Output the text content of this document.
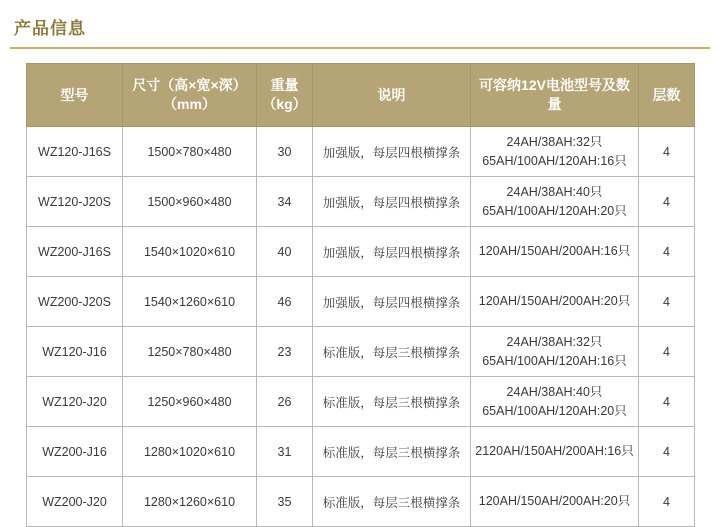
产品信息
型号	尺寸（高×宽×深）（mm）	重量（kg）	说明	可容纳12V电池型号及数量	层数
WZ120-J16S	1500×780×480	30	加强版，每层四根横撑条	24AH/38AH:32只
65AH/100AH/120AH:16只	4
WZ120-J20S	1500×960×480	34	加强版，每层四根横撑条	24AH/38AH:40只
65AH/100AH/120AH:20只	4
WZ200-J16S	1540×1020×610	40	加强版，每层四根横撑条	120AH/150AH/200AH:16只	4
WZ200-J20S	1540×1260×610	46	加强版，每层四根横撑条	120AH/150AH/200AH:20只	4
WZ120-J16	1250×780×480	23	标准版，每层三根横撑条	24AH/38AH:32只
65AH/100AH/120AH:16只	4
WZ120-J20	1250×960×480	26	标准版，每层三根横撑条	24AH/38AH:40只
65AH/100AH/120AH:20只	4
WZ200-J16	1280×1020×610	31	标准版，每层三根横撑条	2120AH/150AH/200AH:16只	4
WZ200-J20	1280×1260×610	35	标准版，每层三根横撑条	120AH/150AH/200AH:20只	4
